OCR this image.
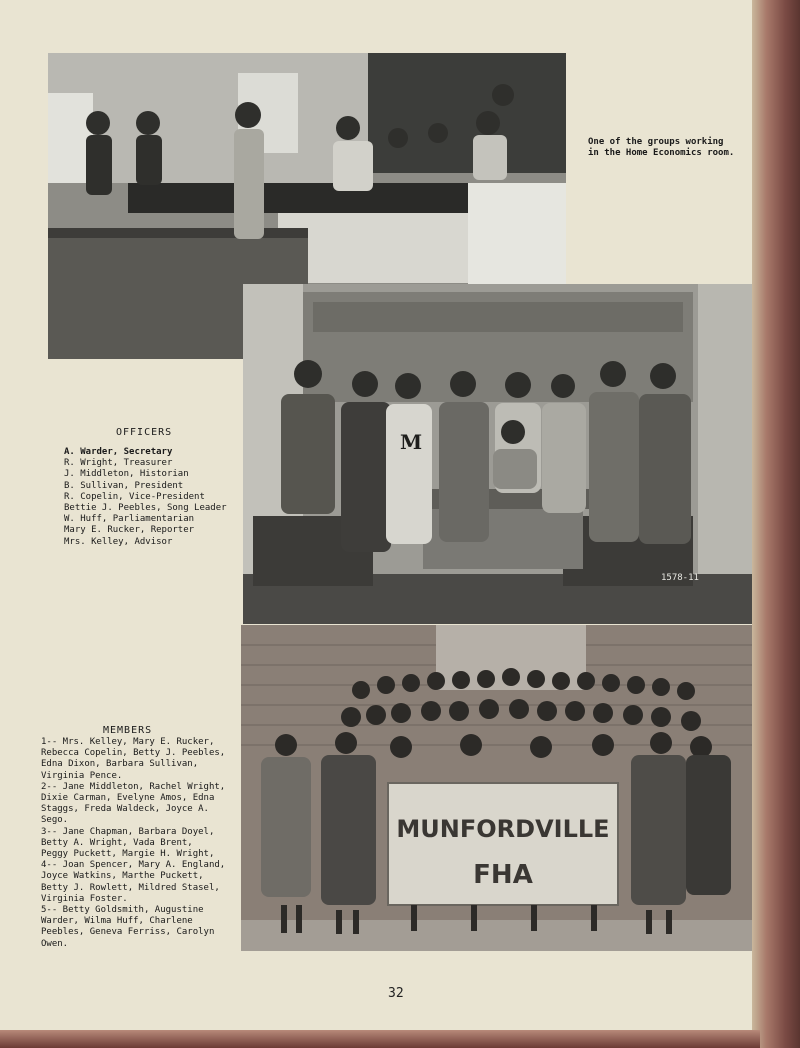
One of the groups working
in the Home Economics room.
M
1578-11
OFFICERS
A. Warder, Secretary
R. Wright, Treasurer
J. Middleton, Historian
B. Sullivan, President
R. Copelin, Vice-President
Bettie J. Peebles, Song Leader
W. Huff, Parliamentarian
Mary E. Rucker, Reporter
Mrs. Kelley, Advisor
MUNFORDVILLE
FHA
MEMBERS
1-- Mrs. Kelley, Mary E. Rucker,
Rebecca Copelin, Betty J. Peebles,
Edna Dixon, Barbara Sullivan,
Virginia Pence.
2-- Jane Middleton, Rachel Wright,
Dixie Carman, Evelyne Amos, Edna
Staggs, Freda Waldeck, Joyce A.
Sego.
3-- Jane Chapman, Barbara Doyel,
Betty A. Wright, Vada Brent,
Peggy Puckett, Margie H. Wright,
4-- Joan Spencer, Mary A. England,
Joyce Watkins, Marthe Puckett,
Betty J. Rowlett, Mildred Stasel,
Virginia Foster.
5-- Betty Goldsmith, Augustine
Warder, Wilma Huff, Charlene
Peebles, Geneva Ferriss, Carolyn
Owen.
32
